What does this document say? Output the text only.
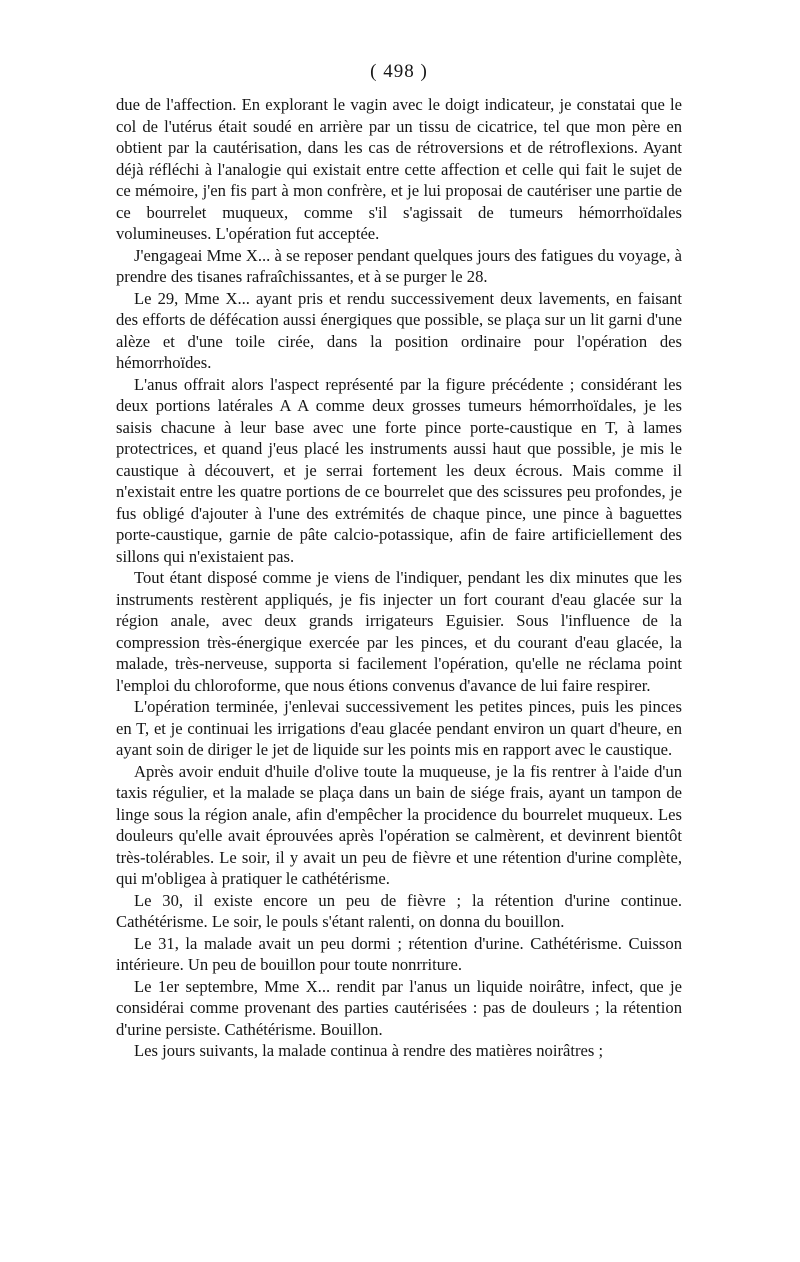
( 498 )

due de l'affection. En explorant le vagin avec le doigt indicateur, je constatai que le col de l'utérus était soudé en arrière par un tissu de cicatrice, tel que mon père en obtient par la cautérisation, dans les cas de rétroversions et de rétroflexions. Ayant déjà réfléchi à l'analogie qui existait entre cette affection et celle qui fait le sujet de ce mémoire, j'en fis part à mon confrère, et je lui proposai de cautériser une partie de ce bourrelet muqueux, comme s'il s'agissait de tumeurs hémorrhoïdales volumineuses. L'opération fut acceptée.

J'engageai Mme X... à se reposer pendant quelques jours des fatigues du voyage, à prendre des tisanes rafraîchissantes, et à se purger le 28.

Le 29, Mme X... ayant pris et rendu successivement deux lavements, en faisant des efforts de défécation aussi énergiques que possible, se plaça sur un lit garni d'une alèze et d'une toile cirée, dans la position ordinaire pour l'opération des hémorrhoïdes.

L'anus offrait alors l'aspect représenté par la figure précédente ; considérant les deux portions latérales A A comme deux grosses tumeurs hémorrhoïdales, je les saisis chacune à leur base avec une forte pince porte-caustique en T, à lames protectrices, et quand j'eus placé les instruments aussi haut que possible, je mis le caustique à découvert, et je serrai fortement les deux écrous. Mais comme il n'existait entre les quatre portions de ce bourrelet que des scissures peu profondes, je fus obligé d'ajouter à l'une des extrémités de chaque pince, une pince à baguettes porte-caustique, garnie de pâte calcio-potassique, afin de faire artificiellement des sillons qui n'existaient pas.

Tout étant disposé comme je viens de l'indiquer, pendant les dix minutes que les instruments restèrent appliqués, je fis injecter un fort courant d'eau glacée sur la région anale, avec deux grands irrigateurs Eguisier. Sous l'influence de la compression très-énergique exercée par les pinces, et du courant d'eau glacée, la malade, très-nerveuse, supporta si facilement l'opération, qu'elle ne réclama point l'emploi du chloroforme, que nous étions convenus d'avance de lui faire respirer.

L'opération terminée, j'enlevai successivement les petites pinces, puis les pinces en T, et je continuai les irrigations d'eau glacée pendant environ un quart d'heure, en ayant soin de diriger le jet de liquide sur les points mis en rapport avec le caustique.

Après avoir enduit d'huile d'olive toute la muqueuse, je la fis rentrer à l'aide d'un taxis régulier, et la malade se plaça dans un bain de siége frais, ayant un tampon de linge sous la région anale, afin d'empêcher la procidence du bourrelet muqueux. Les douleurs qu'elle avait éprouvées après l'opération se calmèrent, et devinrent bientôt très-tolérables. Le soir, il y avait un peu de fièvre et une rétention d'urine complète, qui m'obligea à pratiquer le cathétérisme.

Le 30, il existe encore un peu de fièvre ; la rétention d'urine continue. Cathétérisme. Le soir, le pouls s'étant ralenti, on donna du bouillon.

Le 31, la malade avait un peu dormi ; rétention d'urine. Cathétérisme. Cuisson intérieure. Un peu de bouillon pour toute nonrriture.

Le 1er septembre, Mme X... rendit par l'anus un liquide noirâtre, infect, que je considérai comme provenant des parties cautérisées : pas de douleurs ; la rétention d'urine persiste. Cathétérisme. Bouillon.

Les jours suivants, la malade continua à rendre des matières noirâtres ;
